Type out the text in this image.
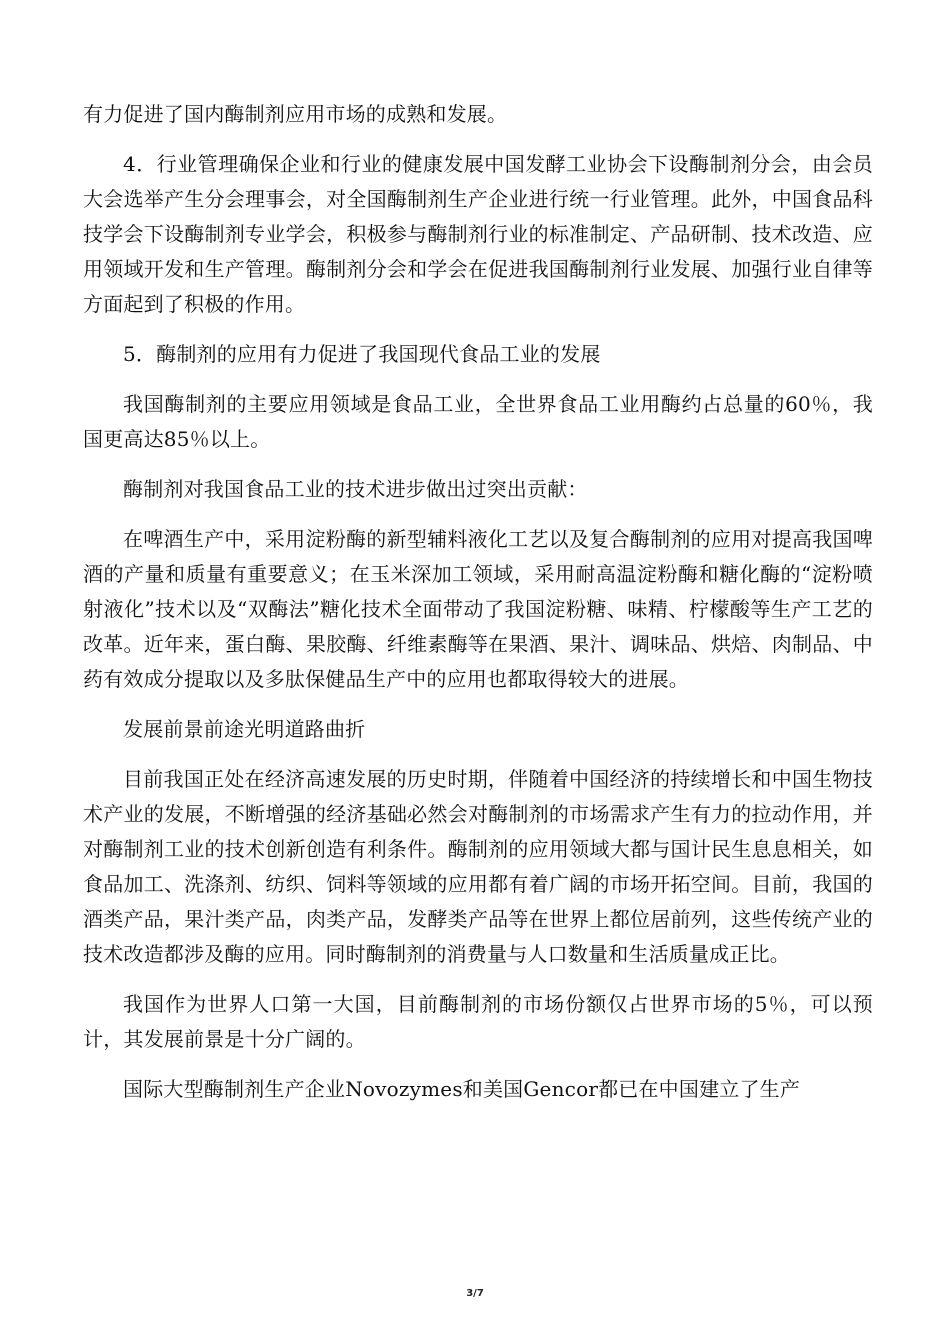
有力促进了国内酶制剂应用市场的成熟和发展。

4．行业管理确保企业和行业的健康发展中国发酵工业协会下设酶制剂分会，由会员大会选举产生分会理事会，对全国酶制剂生产企业进行统一行业管理。此外，中国食品科技学会下设酶制剂专业学会，积极参与酶制剂行业的标准制定、产品研制、技术改造、应用领域开发和生产管理。酶制剂分会和学会在促进我国酶制剂行业发展、加强行业自律等方面起到了积极的作用。

5．酶制剂的应用有力促进了我国现代食品工业的发展

我国酶制剂的主要应用领域是食品工业，全世界食品工业用酶约占总量的60％，我国更高达85％以上。

酶制剂对我国食品工业的技术进步做出过突出贡献：

在啤酒生产中，采用淀粉酶的新型辅料液化工艺以及复合酶制剂的应用对提高我国啤酒的产量和质量有重要意义；在玉米深加工领域，采用耐高温淀粉酶和糖化酶的“淀粉喷射液化”技术以及“双酶法”糖化技术全面带动了我国淀粉糖、味精、柠檬酸等生产工艺的改革。近年来，蛋白酶、果胶酶、纤维素酶等在果酒、果汁、调味品、烘焙、肉制品、中药有效成分提取以及多肽保健品生产中的应用也都取得较大的进展。

发展前景前途光明道路曲折

目前我国正处在经济高速发展的历史时期，伴随着中国经济的持续增长和中国生物技术产业的发展，不断增强的经济基础必然会对酶制剂的市场需求产生有力的拉动作用，并对酶制剂工业的技术创新创造有利条件。酶制剂的应用领域大都与国计民生息息相关，如食品加工、洗涤剂、纺织、饲料等领域的应用都有着广阔的市场开拓空间。目前，我国的酒类产品，果汁类产品，肉类产品，发酵类产品等在世界上都位居前列，这些传统产业的技术改造都涉及酶的应用。同时酶制剂的消费量与人口数量和生活质量成正比。

我国作为世界人口第一大国，目前酶制剂的市场份额仅占世界市场的5％，可以预计，其发展前景是十分广阔的。

国际大型酶制剂生产企业Novozymes和美国Gencor都已在中国建立了生产

3/7
